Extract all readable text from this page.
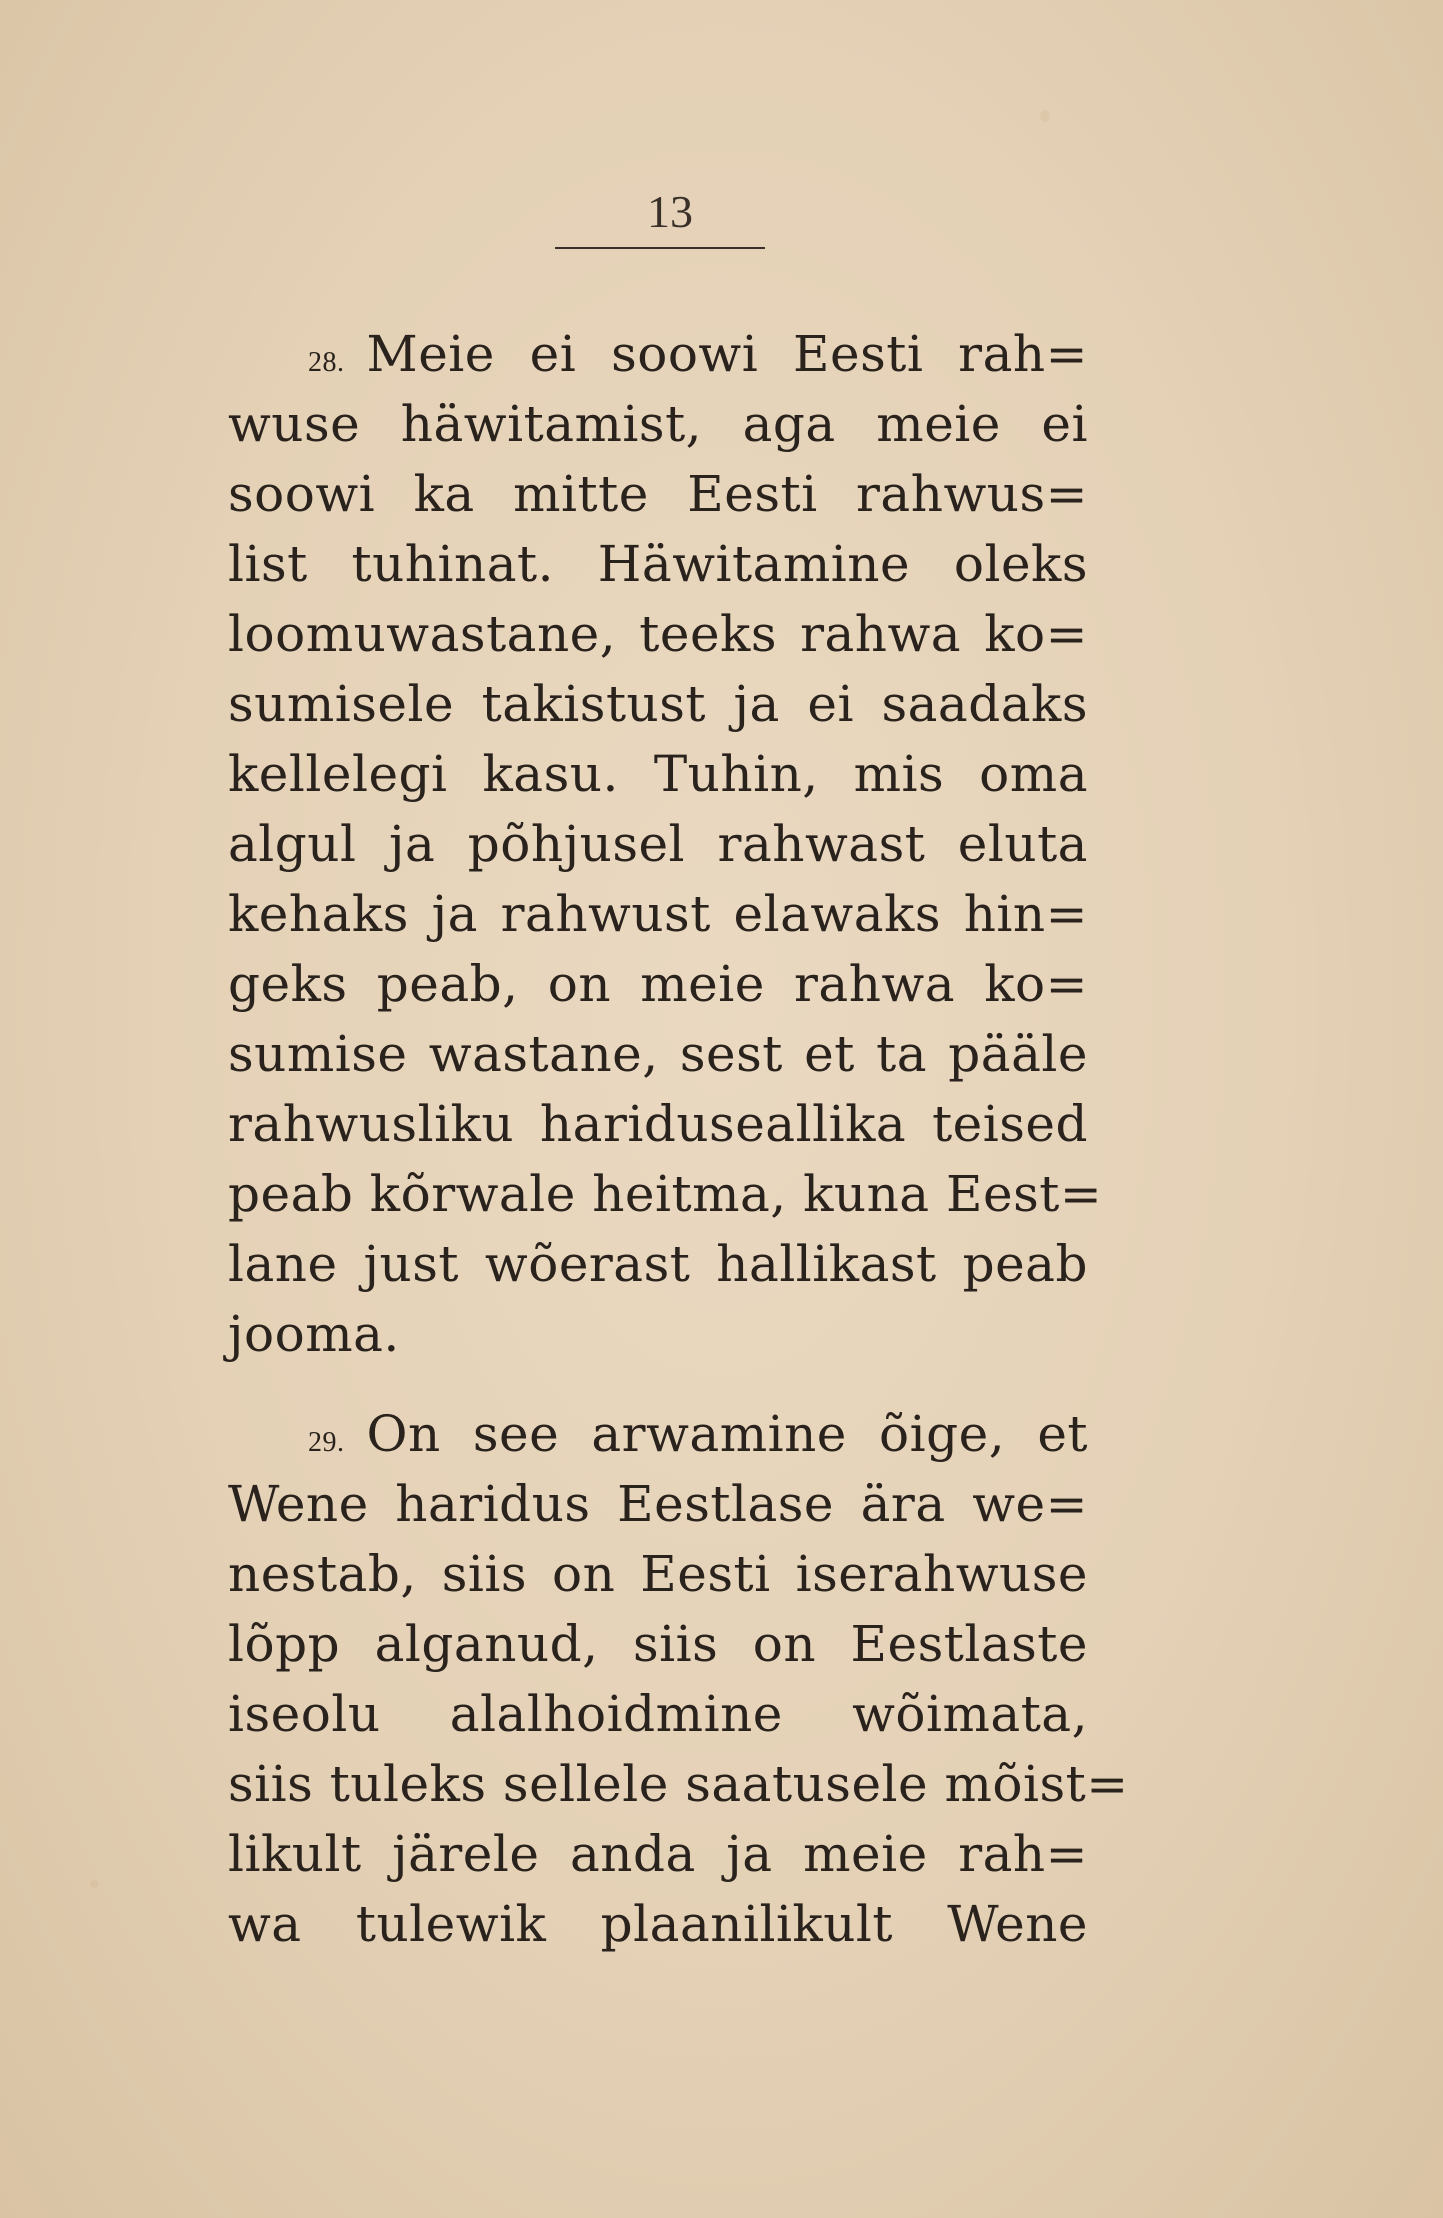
13
28. Meie ei soowi Eesti rah=
wuse häwitamist, aga meie ei
soowi ka mitte Eesti rahwus=
list tuhinat. Häwitamine oleks
loomuwastane, teeks rahwa ko=
sumisele takistust ja ei saadaks
kellelegi kasu. Tuhin, mis oma
algul ja põhjusel rahwast eluta
kehaks ja rahwust elawaks hin=
geks peab, on meie rahwa ko=
sumise wastane, sest et ta pääle
rahwusliku hariduseallika teised
peab kõrwale heitma, kuna Eest=
lane just wõerast hallikast peab
jooma.
29. On see arwamine õige, et
Wene haridus Eestlase ära we=
nestab, siis on Eesti iserahwuse
lõpp alganud, siis on Eestlaste
iseolu alalhoidmine wõimata,
siis tuleks sellele saatusele mõist=
likult järele anda ja meie rah=
wa tulewik plaanilikult Wene
